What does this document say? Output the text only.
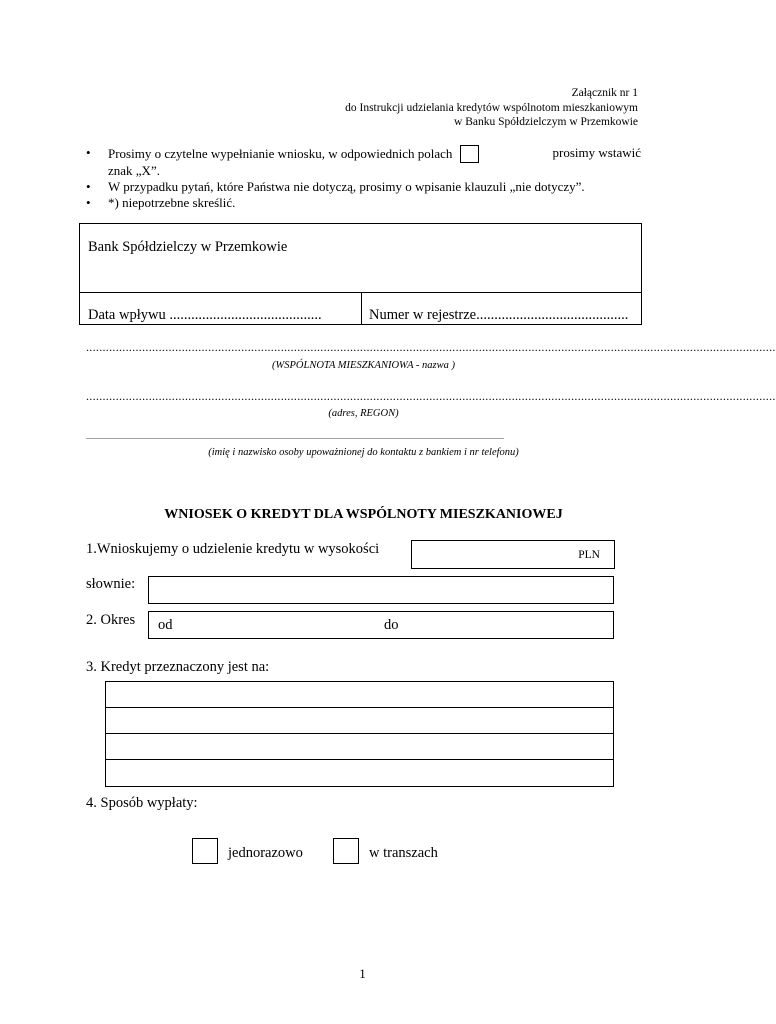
Załącznik nr 1
do Instrukcji udzielania kredytów wspólnotom mieszkaniowym
w Banku Spółdzielczym w Przemkowie
• Prosimy o czytelne wypełnianie wniosku, w odpowiednich polach	prosimy wstawić
znak „X”.
• W przypadku pytań, które Państwa nie dotyczą, prosimy o wpisanie klauzuli „nie dotyczy”.
• *) niepotrzebne skreślić.
Bank Spółdzielczy w Przemkowie
Data wpływu ..........................................	Numer w rejestrze..........................................
.................................................................................................................................................................................................................
(WSPÓLNOTA MIESZKANIOWA - nazwa )
.................................................................................................................................................................................................................
(adres, REGON)
.................................................................................................................................................................................................................
(imię i nazwisko osoby upoważnionej do kontaktu z bankiem i nr telefonu)
WNIOSEK O KREDYT DLA WSPÓLNOTY MIESZKANIOWEJ
1.Wnioskujemy o udzielenie kredytu w wysokości	PLN
słownie:
2. Okres od	do
3. Kredyt przeznaczony jest na:
4. Sposób wypłaty:
jednorazowo	w transzach
1
